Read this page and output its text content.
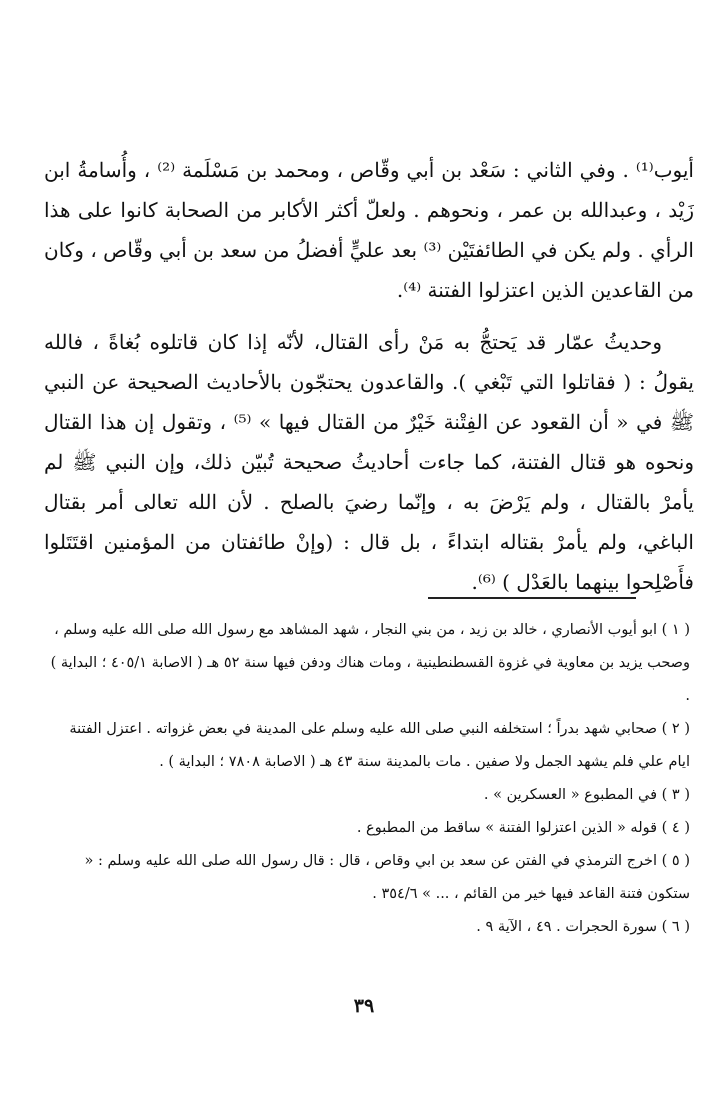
أيوب⁽¹⁾ . وفي الثاني : سَعْد بن أبي وقّاص ، ومحمد بن مَسْلَمة ⁽²⁾ ، وأُسامةُ ابن زَيْد ، وعبدالله بن عمر ، ونحوهم . ولعلّ أكثر الأكابر من الصحابة كانوا على هذا الرأي . ولم يكن في الطائفتَيْن ⁽³⁾ بعد عليٍّ أفضلُ من سعد بن أبي وقّاص ، وكان من القاعدين الذين اعتزلوا الفتنة ⁽⁴⁾.

وحديثُ عمّار قد يَحتجُّ به مَنْ رأى القتال، لأنّه إذا كان قاتلوه بُغاةً ، فالله يقولُ : ( فقاتلوا التي تَبْغي ). والقاعدون يحتجّون بالأحاديث الصحيحة عن النبي ﷺ في « أن القعود عن الفِتْنة خَيْرٌ من القتال فيها » ⁽⁵⁾ ، وتقول إن هذا القتال ونحوه هو قتال الفتنة، كما جاءت أحاديثُ صحيحة تُبيّن ذلك، وإن النبي ﷺ لم يأمرْ بالقتال ، ولم يَرْضَ به ، وإنّما رضيَ بالصلح . لأن الله تعالى أمر بقتال الباغي، ولم يأمرْ بقتاله ابتداءً ، بل قال : (وإنْ طائفتان من المؤمنين اقتَتَلوا فأَصْلِحوا بينهما بالعَدْل ) ⁽⁶⁾.

( ١ ) ابو أيوب الأنصاري ، خالد بن زيد ، من بني النجار ، شهد المشاهد مع رسول الله صلى الله عليه وسلم ، وصحب يزيد بن معاوية في غزوة القسطنطينية ، ومات هناك ودفن فيها سنة ٥٢ هـ ( الاصابة ٤٠٥/١ ؛ البداية ) .

( ٢ ) صحابي شهد بدراً ؛ استخلفه النبي صلى الله عليه وسلم على المدينة في بعض غزواته . اعتزل الفتنة ايام علي فلم يشهد الجمل ولا صفين . مات بالمدينة سنة ٤٣ هـ ( الاصابة ٧٨٠٨ ؛ البداية ) .

( ٣ ) في المطبوع « العسكرين » .

( ٤ ) قوله « الذين اعتزلوا الفتنة » ساقط من المطبوع .

( ٥ ) اخرج الترمذي في الفتن عن سعد بن ابي وقاص ، قال : قال رسول الله صلى الله عليه وسلم : « ستكون فتنة القاعد فيها خير من القائم ، ... » ٣٥٤/٦ .

( ٦ ) سورة الحجرات . ٤٩ ، الآية ٩ .

٣٩
